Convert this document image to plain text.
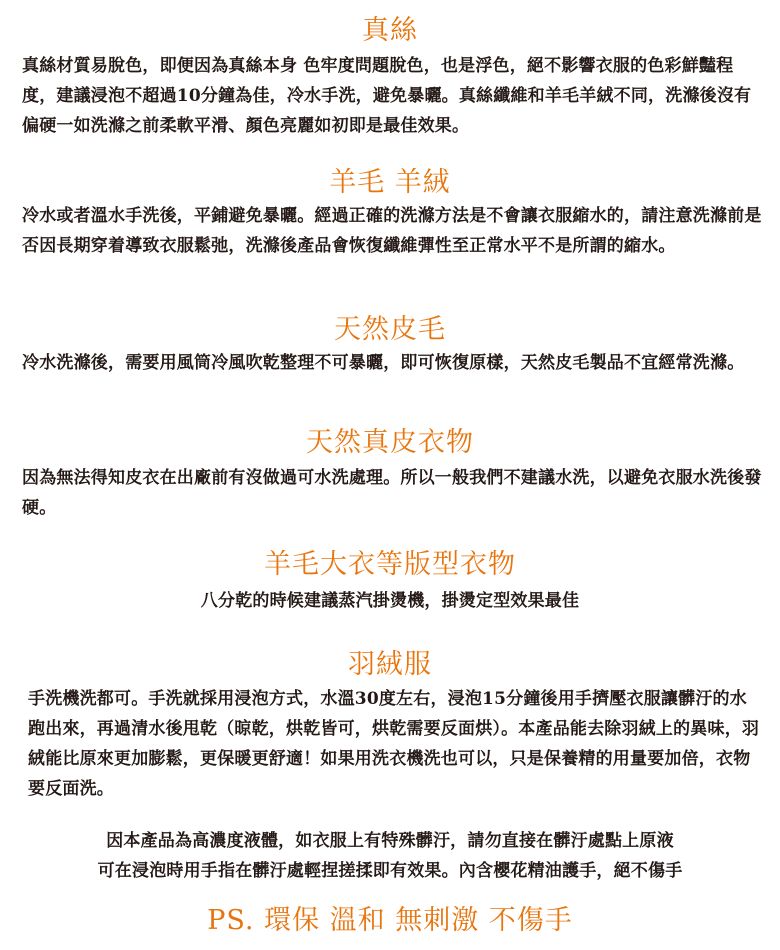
真絲

真絲材質易脫色，即便因為真絲本身 色牢度問題脫色，也是浮色，絕不影響衣服的色彩鮮豔程度，建議浸泡不超過10分鐘為佳，冷水手洗，避免暴曬。真絲纖維和羊毛羊絨不同，洗滌後沒有偏硬一如洗滌之前柔軟平滑、顏色亮麗如初即是最佳效果。

羊毛 羊絨

冷水或者溫水手洗後，平鋪避免暴曬。經過正確的洗滌方法是不會讓衣服縮水的，請注意洗滌前是否因長期穿着導致衣服鬆弛，洗滌後產品會恢復纖維彈性至正常水平不是所謂的縮水。

天然皮毛

冷水洗滌後，需要用風筒冷風吹乾整理不可暴曬，即可恢復原樣，天然皮毛製品不宜經常洗滌。

天然真皮衣物

因為無法得知皮衣在出廠前有沒做過可水洗處理。所以一般我們不建議水洗，以避免衣服水洗後發硬。

羊毛大衣等版型衣物

八分乾的時候建議蒸汽掛燙機，掛燙定型效果最佳

羽絨服

手洗機洗都可。手洗就採用浸泡方式，水溫30度左右，浸泡15分鐘後用手擠壓衣服讓髒汙的水跑出來，再過清水後甩乾（晾乾，烘乾皆可，烘乾需要反面烘）。本產品能去除羽絨上的異味，羽絨能比原來更加膨鬆，更保暖更舒適！如果用洗衣機洗也可以，只是保養精的用量要加倍，衣物要反面洗。

因本產品為高濃度液體，如衣服上有特殊髒汙，請勿直接在髒汙處點上原液

可在浸泡時用手指在髒汙處輕捏搓揉即有效果。內含櫻花精油護手，絕不傷手

PS. 環保 溫和 無刺激 不傷手
